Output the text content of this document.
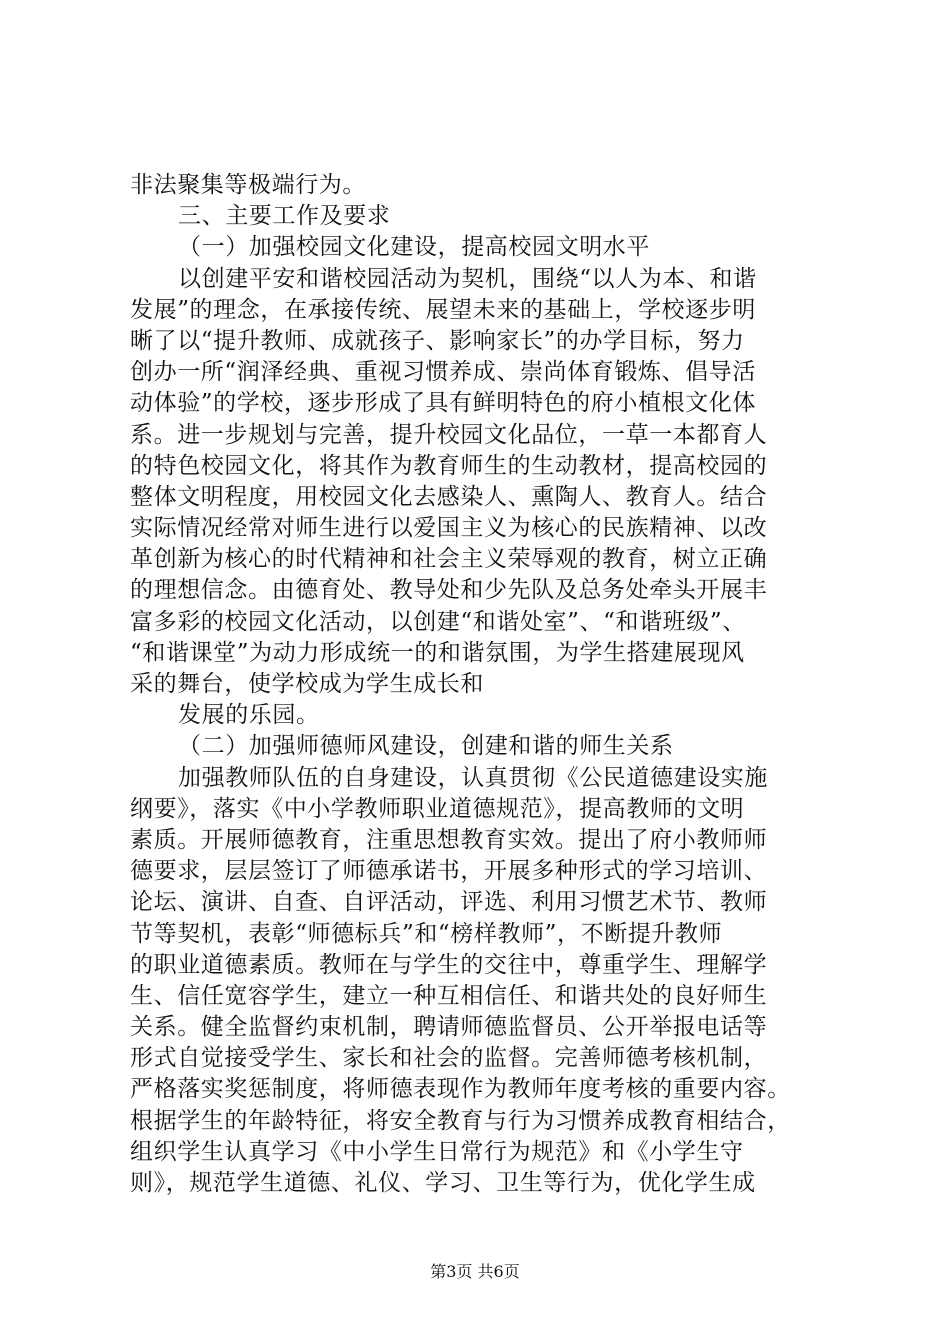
非法聚集等极端行为。
三、主要工作及要求
（一）加强校园文化建设，提高校园文明水平
以创建平安和谐校园活动为契机，围绕“以人为本、和谐
发展”的理念，在承接传统、展望未来的基础上，学校逐步明
晰了以“提升教师、成就孩子、影响家长”的办学目标，努力
创办一所“润泽经典、重视习惯养成、崇尚体育锻炼、倡导活
动体验”的学校，逐步形成了具有鲜明特色的府小植根文化体
系。进一步规划与完善，提升校园文化品位，一草一本都育人
的特色校园文化，将其作为教育师生的生动教材，提高校园的
整体文明程度，用校园文化去感染人、熏陶人、教育人。结合
实际情况经常对师生进行以爱国主义为核心的民族精神、以改
革创新为核心的时代精神和社会主义荣辱观的教育，树立正确
的理想信念。由德育处、教导处和少先队及总务处牵头开展丰
富多彩的校园文化活动，以创建“和谐处室”、“和谐班级”、
“和谐课堂”为动力形成统一的和谐氛围，为学生搭建展现风
采的舞台，使学校成为学生成长和
发展的乐园。
（二）加强师德师风建设，创建和谐的师生关系
加强教师队伍的自身建设，认真贯彻《公民道德建设实施
纲要》，落实《中小学教师职业道德规范》，提高教师的文明
素质。开展师德教育，注重思想教育实效。提出了府小教师师
德要求，层层签订了师德承诺书，开展多种形式的学习培训、
论坛、演讲、自查、自评活动，评选、利用习惯艺术节、教师
节等契机，表彰“师德标兵”和“榜样教师”，不断提升教师
的职业道德素质。教师在与学生的交往中，尊重学生、理解学
生、信任宽容学生，建立一种互相信任、和谐共处的良好师生
关系。健全监督约束机制，聘请师德监督员、公开举报电话等
形式自觉接受学生、家长和社会的监督。完善师德考核机制，
严格落实奖惩制度，将师德表现作为教师年度考核的重要内容。
根据学生的年龄特征，将安全教育与行为习惯养成教育相结合，
组织学生认真学习《中小学生日常行为规范》和《小学生守
则》，规范学生道德、礼仪、学习、卫生等行为，优化学生成
第3页 共6页
